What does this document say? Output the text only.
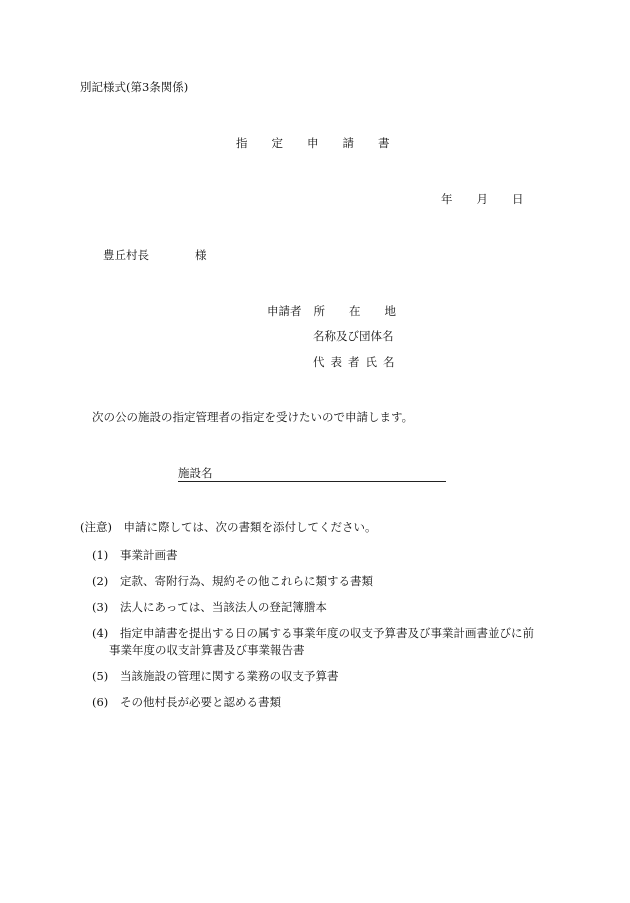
別記様式(第3条関係)
指 定 申 請 書
年 月 日
豊丘村長	様
申請者 所 在 地
名称及び団体名
代 表 者 氏 名
次の公の施設の指定管理者の指定を受けたいので申請します。
施設名
(注意)　申請に際しては、次の書類を添付してください。
(1) 事業計画書
(2) 定款、寄附行為、規約その他これらに類する書類
(3) 法人にあっては、当該法人の登記簿謄本
(4) 指定申請書を提出する日の属する事業年度の収支予算書及び事業計画書並びに前
事業年度の収支計算書及び事業報告書
(5) 当該施設の管理に関する業務の収支予算書
(6) その他村長が必要と認める書類
